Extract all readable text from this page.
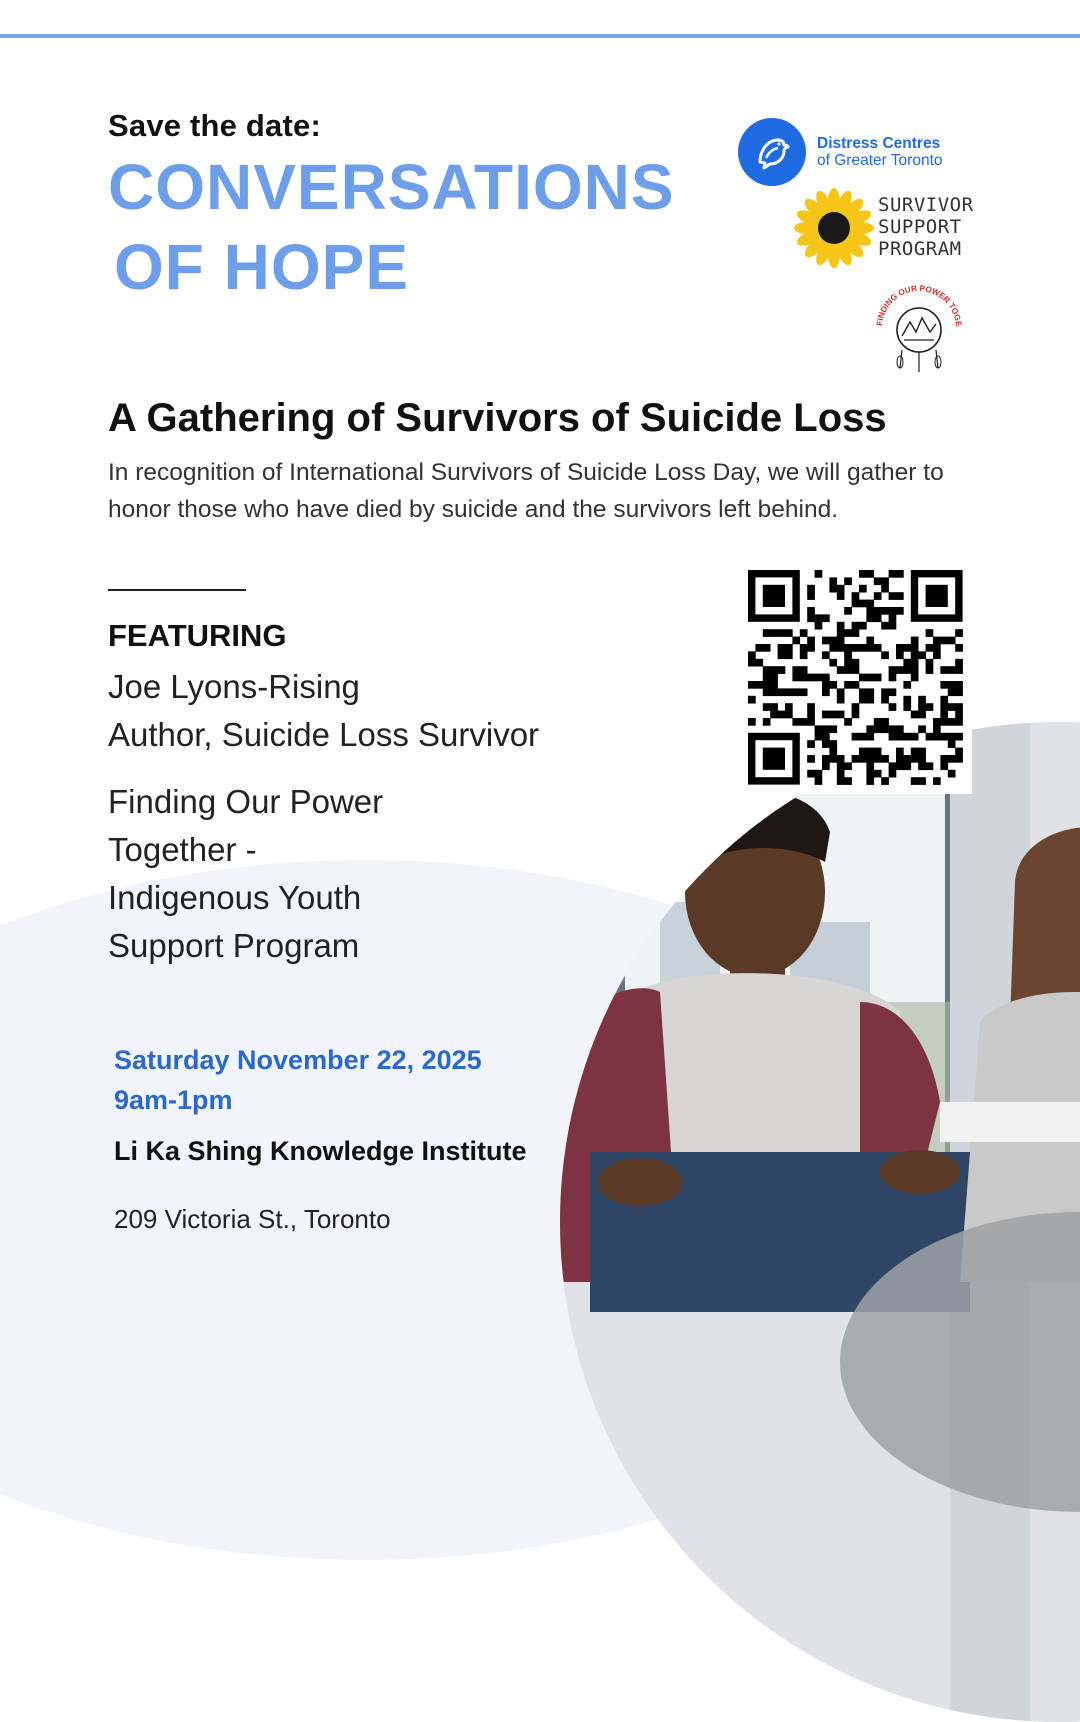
Save the date:
CONVERSATIONS
OF HOPE
Distress Centres
of Greater Toronto
SURVIVOR
SUPPORT
PROGRAM
FINDING OUR POWER TOGE
A Gathering of Survivors of Suicide Loss
In recognition of International Survivors of Suicide Loss Day, we will gather to honor those who have died by suicide and the survivors left behind.
FEATURING
Joe Lyons-Rising
Author, Suicide Loss Survivor
Finding Our Power
Together -
Indigenous Youth
Support Program
Saturday November 22, 2025
9am-1pm
Li Ka Shing Knowledge Institute
209 Victoria St., Toronto
